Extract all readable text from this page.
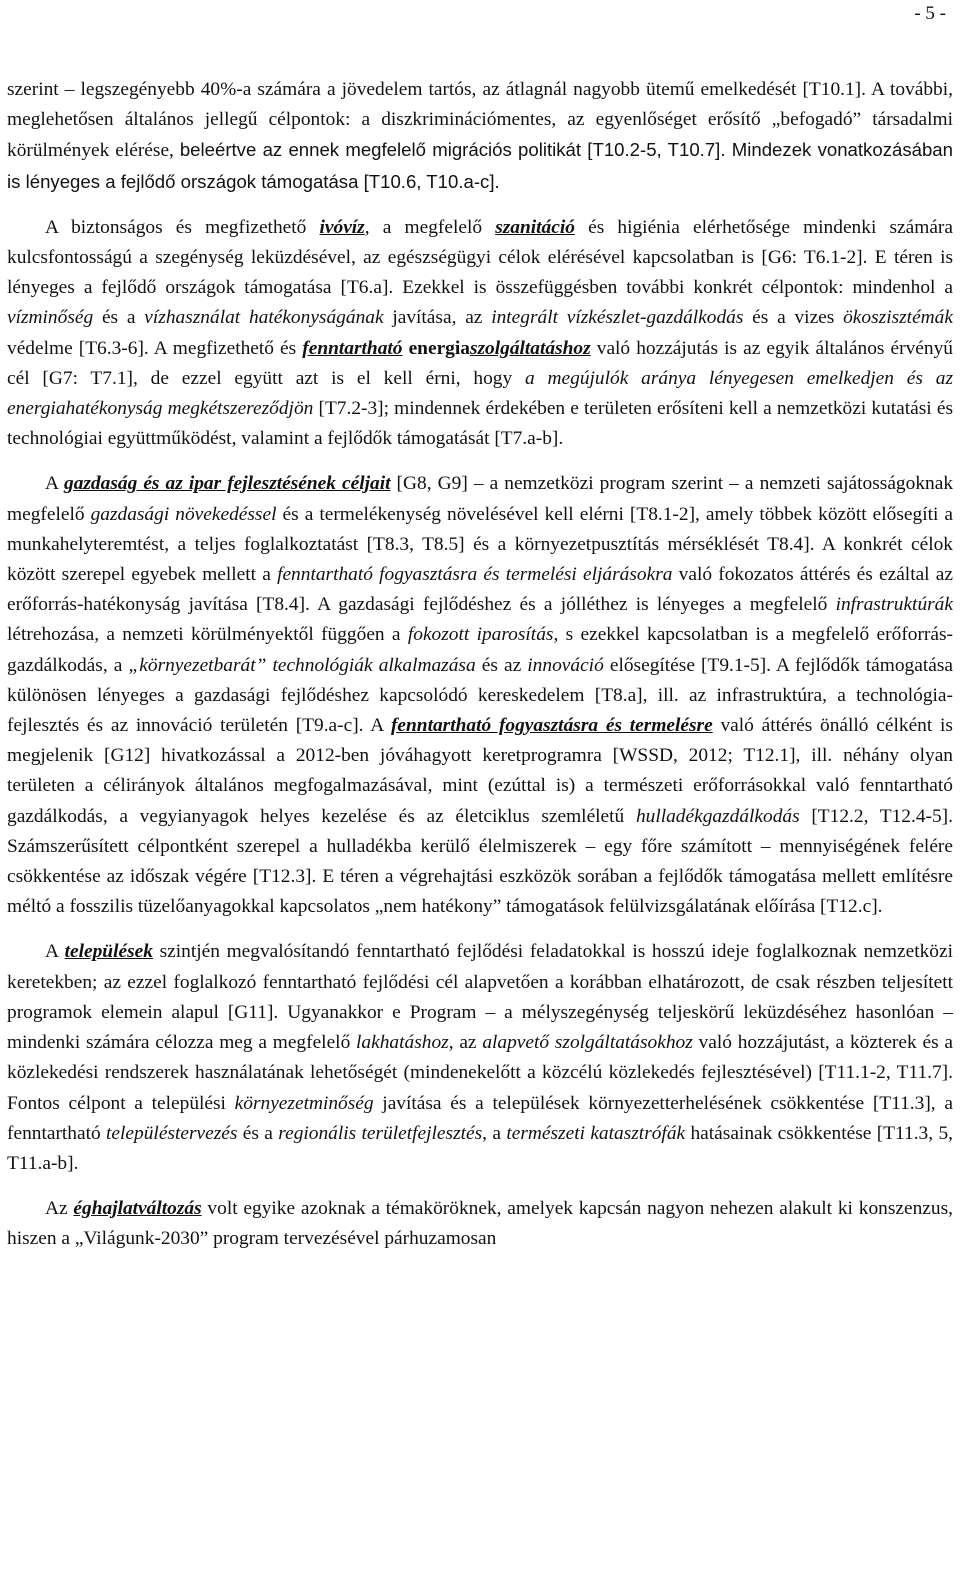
- 5 -

szerint – legszegényebb 40%-a számára a jövedelem tartós, az átlagnál nagyobb ütemű emelkedését [T10.1]. A további, meglehetősen általános jellegű célpontok: a diszkriminációmentes, az egyenlőséget erősítő „befogadó” társadalmi körülmények elérése, beleértve az ennek megfelelő migrációs politikát [T10.2-5, T10.7]. Mindezek vonatkozásában is lényeges a fejlődő országok támogatása [T10.6, T10.a-c].

A biztonságos és megfizethető ivóvíz, a megfelelő szanitáció és higiénia elérhetősége mindenki számára kulcsfontosságú a szegénység leküzdésével, az egészségügyi célok elérésével kapcsolatban is [G6: T6.1-2]. E téren is lényeges a fejlődő országok támogatása [T6.a]. Ezekkel is összefüggésben további konkrét célpontok: mindenhol a vízminőség és a vízhasználat hatékonyságának javítása, az integrált vízkészlet-gazdálkodás és a vizes ökoszisztémák védelme [T6.3-6]. A megfizethető és fenntartható energiaszolgáltatáshoz való hozzájutás is az egyik általános érvényű cél [G7: T7.1], de ezzel együtt azt is el kell érni, hogy a megújulók aránya lényegesen emelkedjen és az energiahatékonyság megkétszereződjön [T7.2-3]; mindennek érdekében e területen erősíteni kell a nemzetközi kutatási és technológiai együttműködést, valamint a fejlődők támogatását [T7.a-b].

A gazdaság és az ipar fejlesztésének céljait [G8, G9] – a nemzetközi program szerint – a nemzeti sajátosságoknak megfelelő gazdasági növekedéssel és a termelékenység növelésével kell elérni [T8.1-2], amely többek között elősegíti a munkahelyteremtést, a teljes foglalkoztatást [T8.3, T8.5] és a környezetpusztítás mérséklését T8.4]. A konkrét célok között szerepel egyebek mellett a fenntartható fogyasztásra és termelési eljárásokra való fokozatos áttérés és ezáltal az erőforrás-hatékonyság javítása [T8.4]. A gazdasági fejlődéshez és a jólléthez is lényeges a megfelelő infrastruktúrák létrehozása, a nemzeti körülményektől függően a fokozott iparosítás, s ezekkel kapcsolatban is a megfelelő erőforrás-gazdálkodás, a „környezetbarát” technológiák alkalmazása és az innováció elősegítése [T9.1-5]. A fejlődők támogatása különösen lényeges a gazdasági fejlődéshez kapcsolódó kereskedelem [T8.a], ill. az infrastruktúra, a technológia-fejlesztés és az innováció területén [T9.a-c]. A fenntartható fogyasztásra és termelésre való áttérés önálló célként is megjelenik [G12] hivatkozással a 2012-ben jóváhagyott keretprogramra [WSSD, 2012; T12.1], ill. néhány olyan területen a célirányok általános megfogalmazásával, mint (ezúttal is) a természeti erőforrásokkal való fenntartható gazdálkodás, a vegyianyagok helyes kezelése és az életciklus szemléletű hulladékgazdálkodás [T12.2, T12.4-5]. Számszerűsített célpontként szerepel a hulladékba kerülő élelmiszerek – egy főre számított – mennyiségének felére csökkentése az időszak végére [T12.3]. E téren a végrehajtási eszközök sorában a fejlődők támogatása mellett említésre méltó a fosszilis tüzelőanyagokkal kapcsolatos „nem hatékony” támogatások felülvizsgálatának előírása [T12.c].

A települések szintjén megvalósítandó fenntartható fejlődési feladatokkal is hosszú ideje foglalkoznak nemzetközi keretekben; az ezzel foglalkozó fenntartható fejlődési cél alapvetően a korábban elhatározott, de csak részben teljesített programok elemein alapul [G11]. Ugyanakkor e Program – a mélyszegénység teljeskörű leküzdéséhez hasonlóan – mindenki számára célozza meg a megfelelő lakhatáshoz, az alapvető szolgáltatásokhoz való hozzájutást, a közterek és a közlekedési rendszerek használatának lehetőségét (mindenekelőtt a közcélú közlekedés fejlesztésével) [T11.1-2, T11.7]. Fontos célpont a települési környezetminőség javítása és a települések környezetterhelésének csökkentése [T11.3], a fenntartható településtervezés és a regionális területfejlesztés, a természeti katasztrófák hatásainak csökkentése [T11.3, 5, T11.a-b].

Az éghajlatváltozás volt egyike azoknak a témaköröknek, amelyek kapcsán nagyon nehezen alakult ki konszenzus, hiszen a „Világunk-2030” program tervezésével párhuzamosan
